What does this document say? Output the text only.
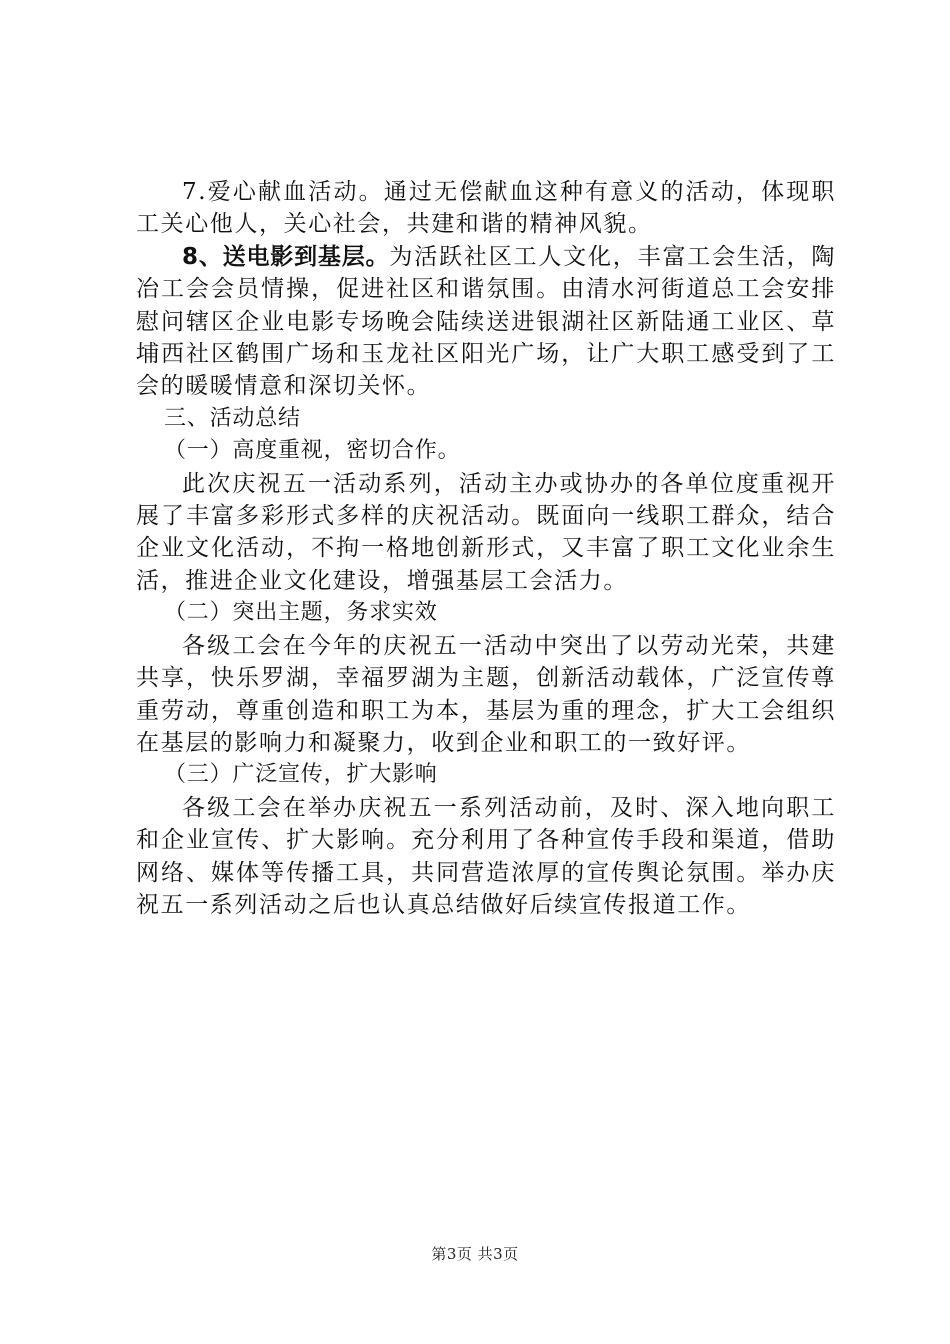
7.爱心献血活动。通过无偿献血这种有意义的活动，体现职工关心他人，关心社会，共建和谐的精神风貌。

8、送电影到基层。为活跃社区工人文化，丰富工会生活，陶冶工会会员情操，促进社区和谐氛围。由清水河街道总工会安排慰问辖区企业电影专场晚会陆续送进银湖社区新陆通工业区、草埔西社区鹤围广场和玉龙社区阳光广场，让广大职工感受到了工会的暖暖情意和深切关怀。

三、活动总结

（一）高度重视，密切合作。

此次庆祝五一活动系列，活动主办或协办的各单位度重视开展了丰富多彩形式多样的庆祝活动。既面向一线职工群众，结合企业文化活动，不拘一格地创新形式，又丰富了职工文化业余生活，推进企业文化建设，增强基层工会活力。

（二）突出主题，务求实效

各级工会在今年的庆祝五一活动中突出了以劳动光荣，共建共享，快乐罗湖，幸福罗湖为主题，创新活动载体，广泛宣传尊重劳动，尊重创造和职工为本，基层为重的理念，扩大工会组织在基层的影响力和凝聚力，收到企业和职工的一致好评。

（三）广泛宣传，扩大影响

各级工会在举办庆祝五一系列活动前，及时、深入地向职工和企业宣传、扩大影响。充分利用了各种宣传手段和渠道，借助网络、媒体等传播工具，共同营造浓厚的宣传舆论氛围。举办庆祝五一系列活动之后也认真总结做好后续宣传报道工作。

第3页 共3页
